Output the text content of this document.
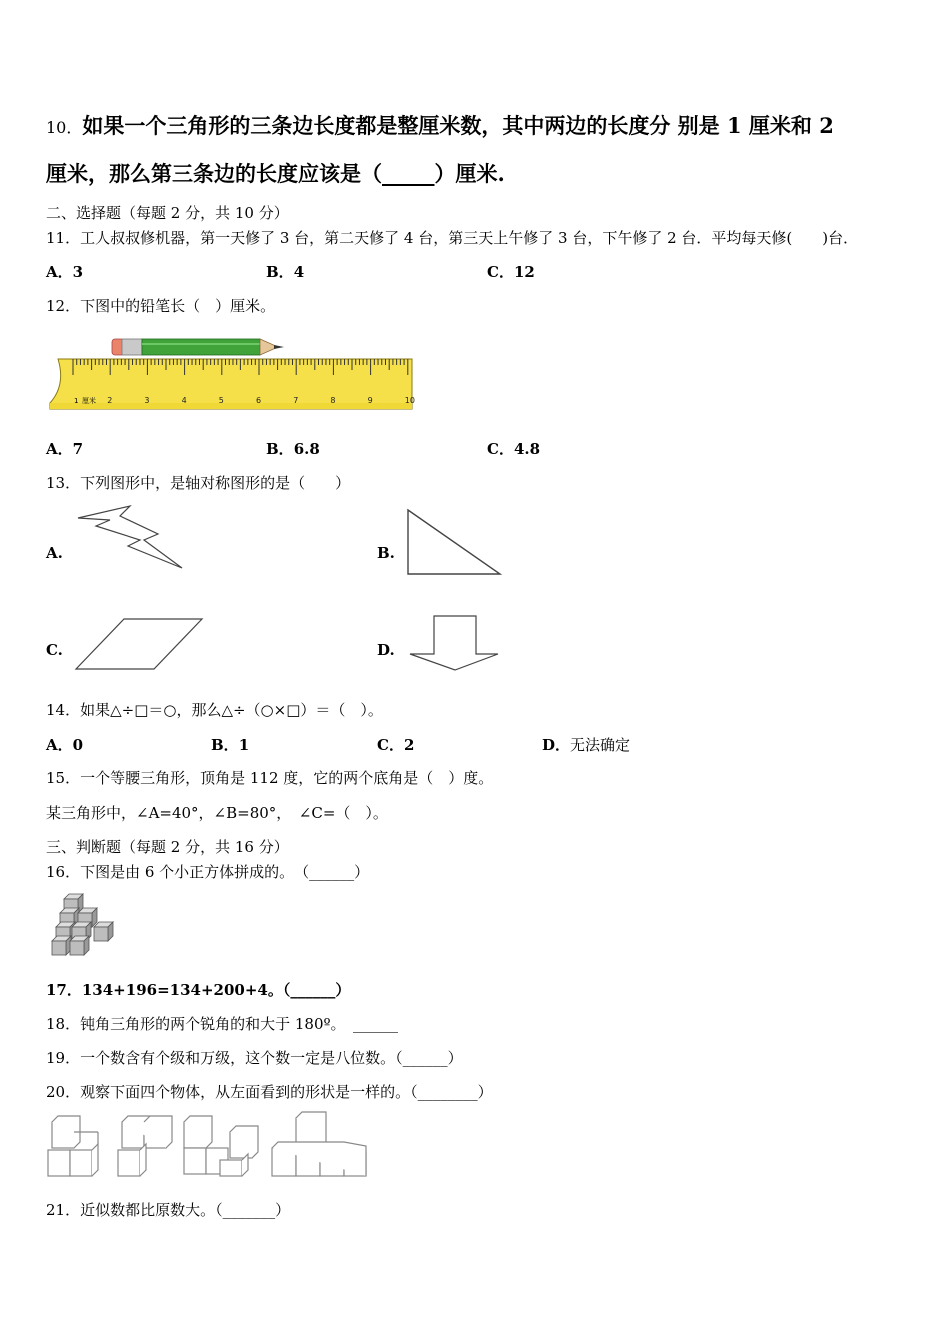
10．如果一个三角形的三条边长度都是整厘米数，其中两边的长度分 别是 1 厘米和 2
厘米，那么第三条边的长度应该是（_____）厘米.
二、选择题（每题 2 分，共 10 分）
11．工人叔叔修机器，第一天修了 3 台，第二天修了 4 台，第三天上午修了 3 台，下午修了 2 台．平均每天修(　　)台．
A．3	B．4	C．12
12．下图中的铅笔长（　）厘米。
1 厘米 2	3	4	5	6	7	8	9	10
A．7	B．6.8	C．4.8
13．下列图形中，是轴对称图形的是（　　）
A.	B.
C.	D.
14．如果△÷□＝○，那么△÷（○×□）＝（　）。
A．0	B．1	C．2	D．无法确定
15．一个等腰三角形，顶角是 112 度，它的两个底角是（　）度。
某三角形中，∠A=40°，∠B=80°，　∠C=（　）。
三、判断题（每题 2 分，共 16 分）
16．下图是由 6 个小正方体拼成的。　（______）
17．134+196=134+200+4。（______）
18．钝角三角形的两个锐角的和大于 180º。　______
19．一个数含有个级和万级，这个数一定是八位数。（______）
20．观察下面四个物体，从左面看到的形状是一样的。（________）
21．近似数都比原数大。（_______）
